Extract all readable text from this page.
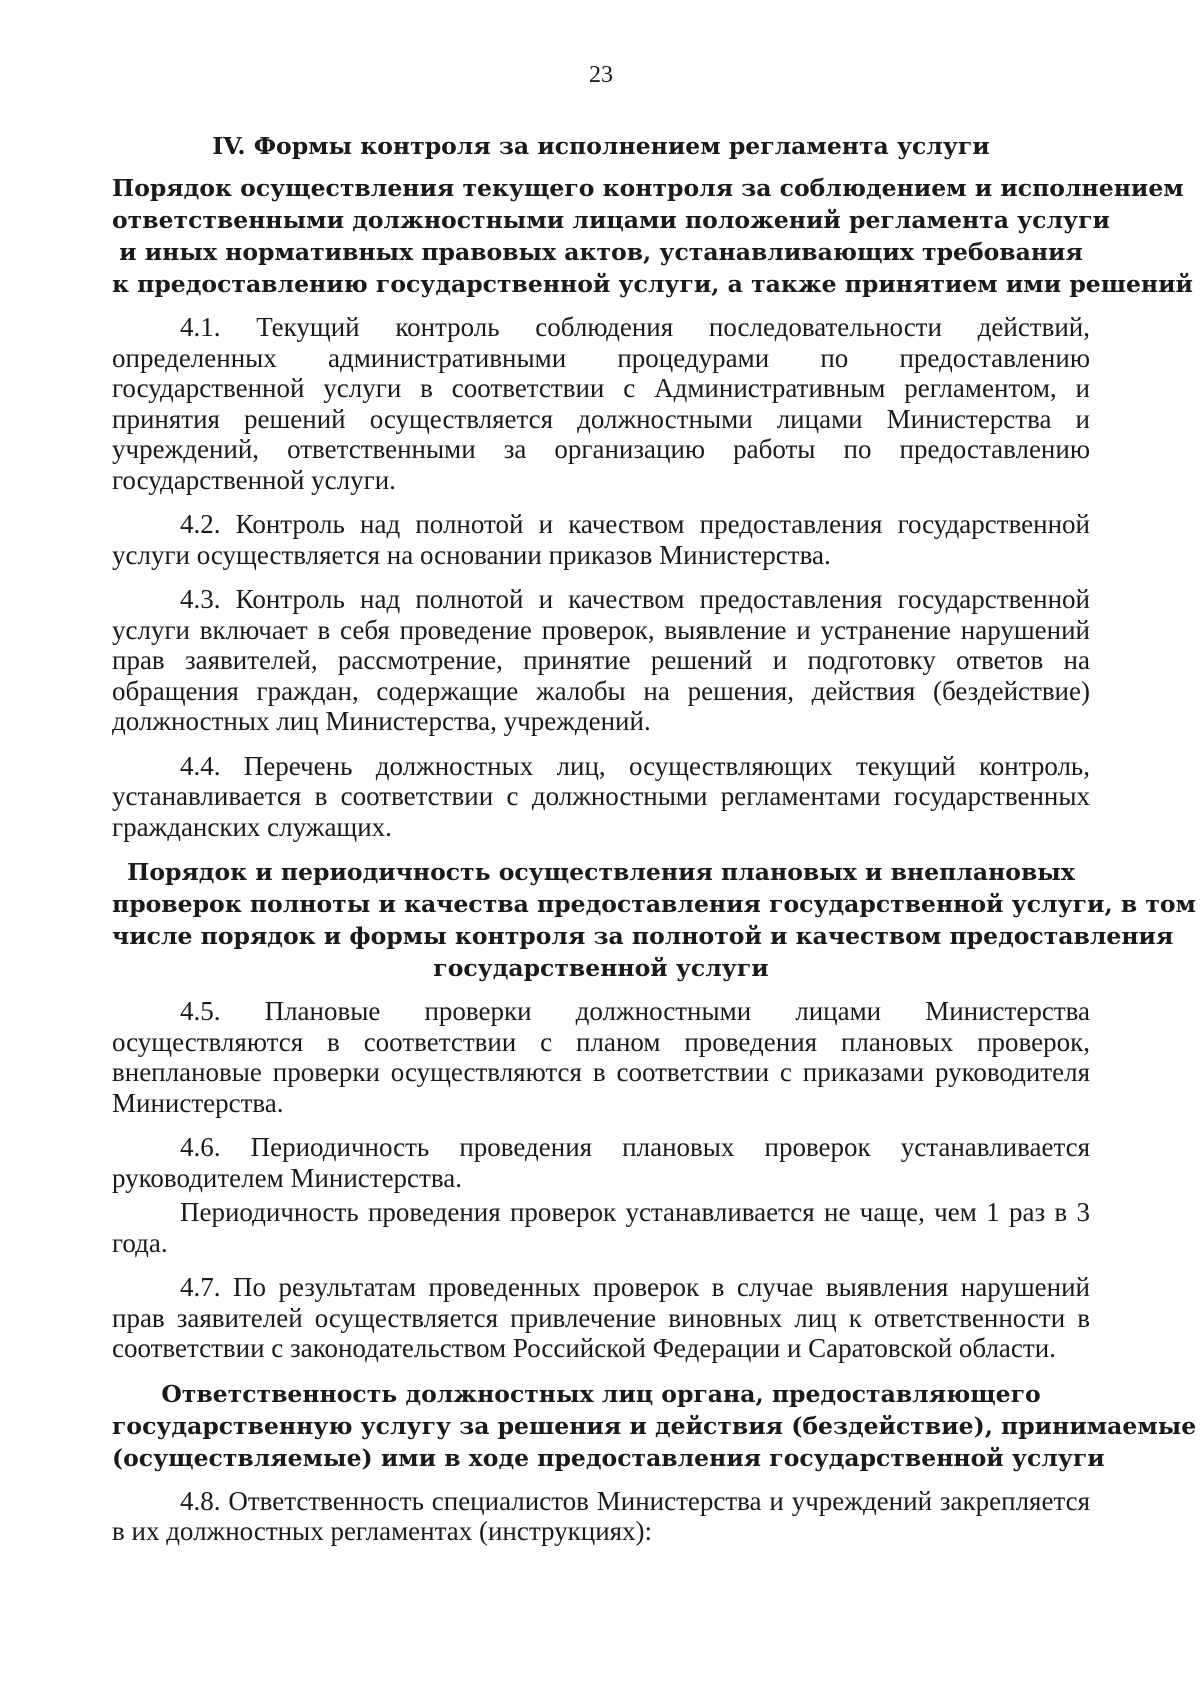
23
IV. Формы контроля за исполнением регламента услуги
Порядок осуществления текущего контроля за соблюдением и исполнением
ответственными должностными лицами положений регламента услуги
и иных нормативных правовых актов, устанавливающих требования
к предоставлению государственной услуги, а также принятием ими решений

4.1. Текущий контроль соблюдения последовательности действий, определенных административными процедурами по предоставлению государственной услуги в соответствии с Административным регламентом, и принятия решений осуществляется должностными лицами Министерства и учреждений, ответственными за организацию работы по предоставлению государственной услуги.

4.2. Контроль над полнотой и качеством предоставления государственной услуги осуществляется на основании приказов Министерства.

4.3. Контроль над полнотой и качеством предоставления государственной услуги включает в себя проведение проверок, выявление и устранение нарушений прав заявителей, рассмотрение, принятие решений и подготовку ответов на обращения граждан, содержащие жалобы на решения, действия (бездействие) должностных лиц Министерства, учреждений.

4.4. Перечень должностных лиц, осуществляющих текущий контроль, устанавливается в соответствии с должностными регламентами государственных гражданских служащих.

Порядок и периодичность осуществления плановых и внеплановых
проверок полноты и качества предоставления государственной услуги, в том
числе порядок и формы контроля за полнотой и качеством предоставления
государственной услуги

4.5. Плановые проверки должностными лицами Министерства осуществляются в соответствии с планом проведения плановых проверок, внеплановые проверки осуществляются в соответствии с приказами руководителя Министерства.

4.6. Периодичность проведения плановых проверок устанавливается руководителем Министерства.

Периодичность проведения проверок устанавливается не чаще, чем 1 раз в 3 года.

4.7. По результатам проведенных проверок в случае выявления нарушений прав заявителей осуществляется привлечение виновных лиц к ответственности в соответствии с законодательством Российской Федерации и Саратовской области.

Ответственность должностных лиц органа, предоставляющего
государственную услугу за решения и действия (бездействие), принимаемые
(осуществляемые) ими в ходе предоставления государственной услуги

4.8. Ответственность специалистов Министерства и учреждений закрепляется в их должностных регламентах (инструкциях):
